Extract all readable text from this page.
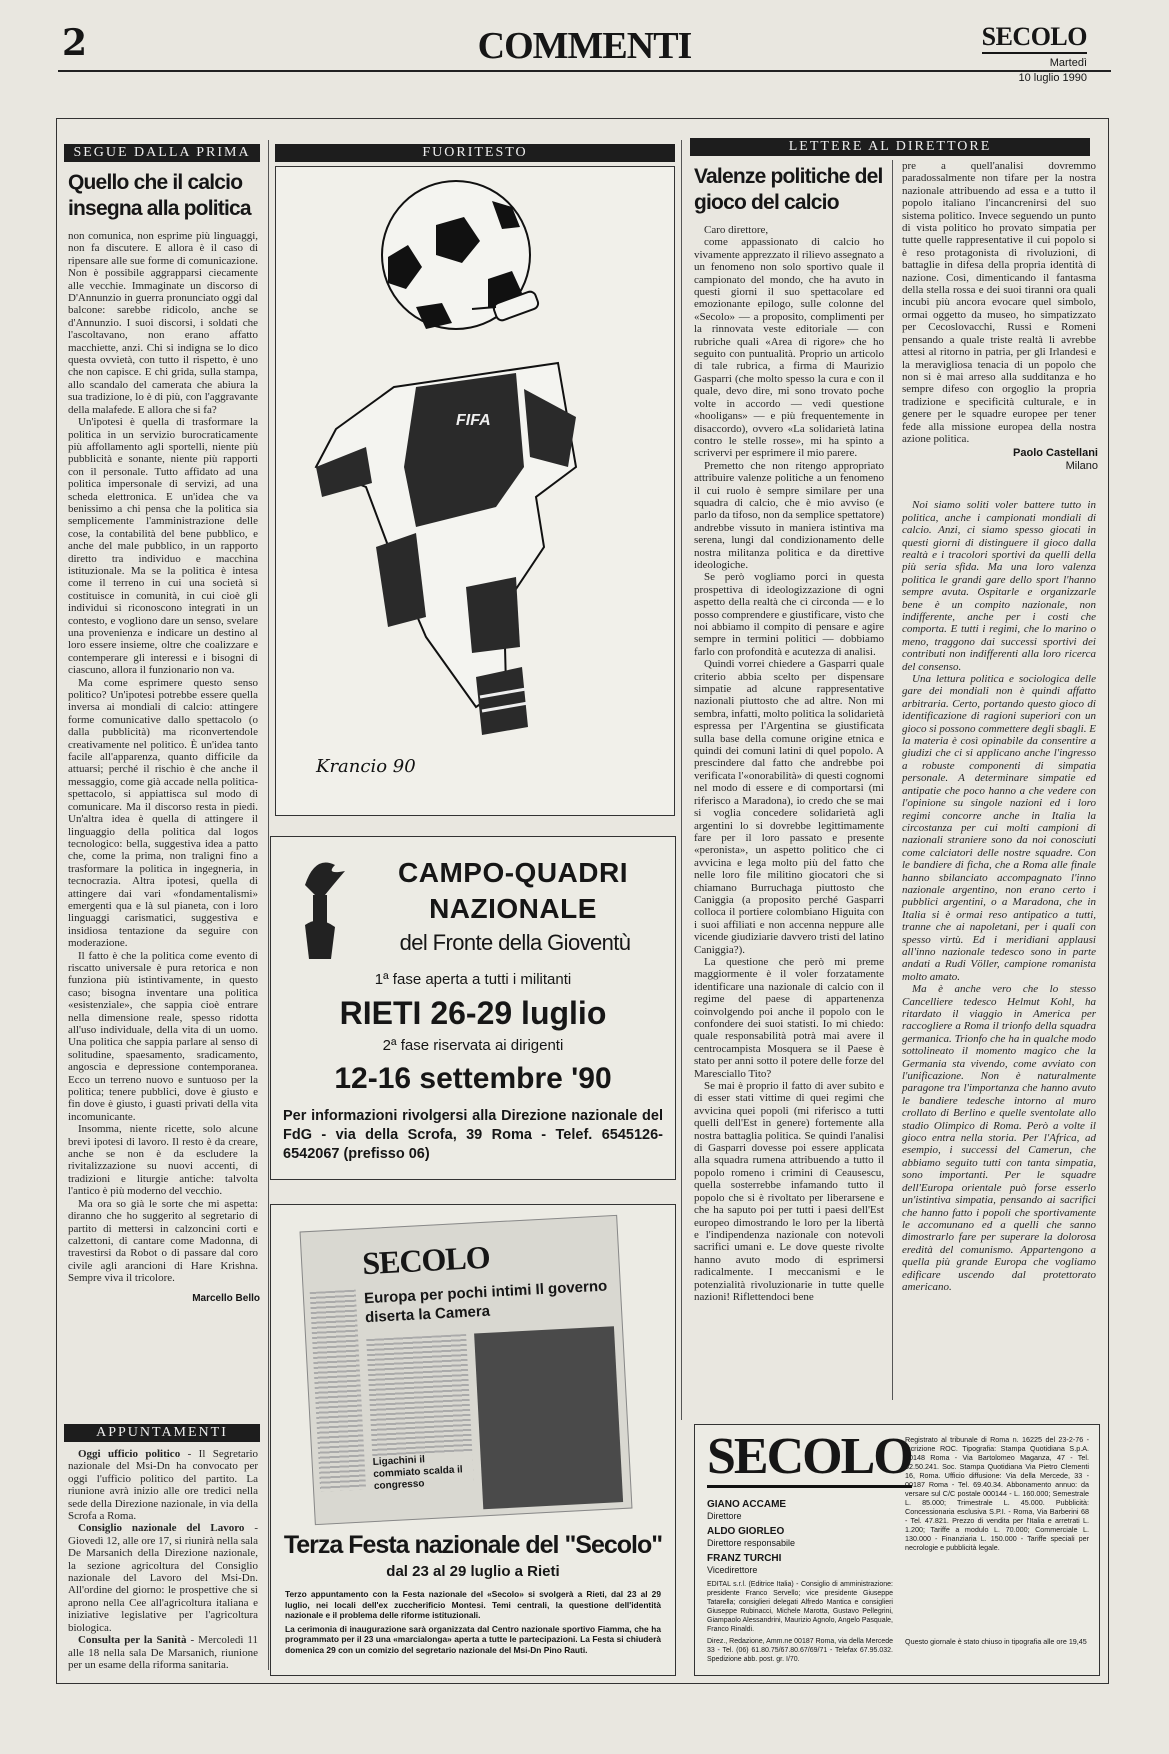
2	COMMENTI	SECOLO
Martedì
10 luglio 1990
SEGUE DALLA PRIMA
Quello che il calcio insegna alla politica

non comunica, non esprime più linguaggi, non fa discutere. E allora è il caso di ripensare alle sue forme di comunicazione. Non è possibile aggrapparsi ciecamente alle vecchie. Immaginate un discorso di D'Annunzio in guerra pronunciato oggi dal balcone: sarebbe ridicolo, anche se d'Annunzio. I suoi discorsi, i soldati che l'ascoltavano, non erano affatto macchiette, anzi. Chi si indigna se lo dico questa ovvietà, con tutto il rispetto, è uno che non capisce. E chi grida, sulla stampa, allo scandalo del camerata che abiura la sua tradizione, lo è di più, con l'aggravante della malafede. E allora che si fa?

Un'ipotesi è quella di trasformare la politica in un servizio burocraticamente più affollamento agli sportelli, niente più pubblicità e sonante, niente più rapporti con il personale. Tutto affidato ad una politica impersonale di servizi, ad una scheda elettronica. E un'idea che va benissimo a chi pensa che la politica sia semplicemente l'amministrazione delle cose, la contabilità del bene pubblico, e anche del male pubblico, in un rapporto diretto tra individuo e macchina istituzionale. Ma se la politica è intesa come il terreno in cui una società si costituisce in comunità, in cui cioè gli individui si riconoscono integrati in un contesto, e vogliono dare un senso, svelare una provenienza e indicare un destino al loro essere insieme, oltre che coalizzare e contemperare gli interessi e i bisogni di ciascuno, allora il funzionario non va.

Ma come esprimere questo senso politico? Un'ipotesi potrebbe essere quella inversa ai mondiali di calcio: attingere forme comunicative dallo spettacolo (o dalla pubblicità) ma riconvertendole creativamente nel politico. È un'idea tanto facile all'apparenza, quanto difficile da attuarsi; perché il rischio è che anche il messaggio, come già accade nella politica-spettacolo, si appiattisca sul modo di comunicare. Ma il discorso resta in piedi. Un'altra idea è quella di attingere il linguaggio della politica dal logos tecnologico: bella, suggestiva idea a patto che, come la prima, non traligni fino a trasformare la politica in ingegneria, in tecnocrazia. Altra ipotesi, quella di attingere dai vari «fondamentalismi» emergenti qua e là sul pianeta, con i loro linguaggi carismatici, suggestiva e insidiosa tentazione da seguire con moderazione.

Il fatto è che la politica come evento di riscatto universale è pura retorica e non funziona più istintivamente, in questo caso; bisogna inventare una politica «esistenziale», che sappia cioè entrare nella dimensione reale, spesso ridotta all'uso individuale, della vita di un uomo. Una politica che sappia parlare al senso di solitudine, spaesamento, sradicamento, angoscia e depressione contemporanea. Ecco un terreno nuovo e suntuoso per la politica; tenere pubblici, dove è giusto e fin dove è giusto, i guasti privati della vita incomunicante.

Insomma, niente ricette, solo alcune brevi ipotesi di lavoro. Il resto è da creare, anche se non è da escludere la rivitalizzazione su nuovi accenti, di tradizioni e liturgie antiche: talvolta l'antico è più moderno del vecchio.

Ma ora so già le sorte che mi aspetta: diranno che ho suggerito al segretario di partito di mettersi in calzoncini corti e calzettoni, di cantare come Madonna, di travestirsi da Robot o di passare dal coro civile agli arancioni di Hare Krishna. Sempre viva il tricolore.

Marcello Bello
APPUNTAMENTI

Oggi ufficio politico - Il Segretario nazionale del Msi-Dn ha convocato per oggi l'ufficio politico del partito. La riunione avrà inizio alle ore tredici nella sede della Direzione nazionale, in via della Scrofa a Roma.

Consiglio nazionale del Lavoro - Giovedì 12, alle ore 17, si riunirà nella sala De Marsanich della Direzione nazionale, la sezione agricoltura del Consiglio nazionale del Lavoro del Msi-Dn. All'ordine del giorno: le prospettive che si aprono nella Cee all'agricoltura italiana e iniziative legislative per l'agricoltura biologica.

Consulta per la Sanità - Mercoledì 11 alle 18 nella sala De Marsanich, riunione per un esame della riforma sanitaria.

FUORITESTO
FIFA
Krancio 90
CAMPO-QUADRI
NAZIONALE
del Fronte della Gioventù
1ª fase aperta a tutti i militanti
RIETI 26-29 luglio
2ª fase riservata ai dirigenti
12-16 settembre '90
Per informazioni rivolgersi alla Direzione nazionale del FdG - via della Scrofa, 39 Roma - Telef. 6545126-6542067 (prefisso 06)
SECOLO
Europa per pochi intimi Il governo diserta la Camera
Ligachini il commiato scalda il congresso
Terza Festa nazionale del "Secolo"
dal 23 al 29 luglio a Rieti
Terzo appuntamento con la Festa nazionale del «Secolo» si svolgerà a Rieti, dal 23 al 29 luglio, nei locali dell'ex zuccherificio Montesi. Temi centrali, la questione dell'identità nazionale e il problema delle riforme istituzionali.
La cerimonia di inaugurazione sarà organizzata dal Centro nazionale sportivo Fiamma, che ha programmato per il 23 una «marcialonga» aperta a tutte le partecipazioni. La Festa si chiuderà domenica 29 con un comizio del segretario nazionale del Msi-Dn Pino Rauti.
LETTERE AL DIRETTORE
Valenze politiche del gioco del calcio

Caro direttore,

come appassionato di calcio ho vivamente apprezzato il rilievo assegnato a un fenomeno non solo sportivo quale il campionato del mondo, che ha avuto in questi giorni il suo spettacolare ed emozionante epilogo, sulle colonne del «Secolo» — a proposito, complimenti per la rinnovata veste editoriale — con rubriche quali «Area di rigore» che ho seguito con puntualità. Proprio un articolo di tale rubrica, a firma di Maurizio Gasparri (che molto spesso la cura e con il quale, devo dire, mi sono trovato poche volte in accordo — vedi questione «hooligans» — e più frequentemente in disaccordo), ovvero «La solidarietà latina contro le stelle rosse», mi ha spinto a scrivervi per esprimere il mio parere.

Premetto che non ritengo appropriato attribuire valenze politiche a un fenomeno il cui ruolo è sempre similare per una squadra di calcio, che è mio avviso (e parlo da tifoso, non da semplice spettatore) andrebbe vissuto in maniera istintiva ma serena, lungi dal condizionamento delle nostra militanza politica e da direttive ideologiche.

Se però vogliamo porci in questa prospettiva di ideologizzazione di ogni aspetto della realtà che ci circonda — e lo posso comprendere e giustificare, visto che noi abbiamo il compito di pensare e agire sempre in termini politici — dobbiamo farlo con profondità e acutezza di analisi.

Quindi vorrei chiedere a Gasparri quale criterio abbia scelto per dispensare simpatie ad alcune rappresentative nazionali piuttosto che ad altre. Non mi sembra, infatti, molto politica la solidarietà espressa per l'Argentina se giustificata sulla base della comune origine etnica e quindi dei comuni latini di quel popolo. A prescindere dal fatto che andrebbe poi verificata l'«onorabilità» di questi cognomi nel modo di essere e di comportarsi (mi riferisco a Maradona), io credo che se mai si voglia concedere solidarietà agli argentini lo si dovrebbe legittimamente fare per il loro passato e presente «peronista», un aspetto politico che ci avvicina e lega molto più del fatto che nelle loro file militino giocatori che si chiamano Burruchaga piuttosto che Caniggia (a proposito perché Gasparri colloca il portiere colombiano Higuita con i suoi affiliati e non accenna neppure alle vicende giudiziarie davvero tristi del latino Caniggia?).

La questione che però mi preme maggiormente è il voler forzatamente identificare una nazionale di calcio con il regime del paese di appartenenza coinvolgendo poi anche il popolo con le confondere dei suoi statisti. Io mi chiedo: quale responsabilità potrà mai avere il centrocampista Mosquera se il Paese è stato per anni sotto il potere delle forze del Maresciallo Tito?

Se mai è proprio il fatto di aver subito e di esser stati vittime di quei regimi che avvicina quei popoli (mi riferisco a tutti quelli dell'Est in genere) fortemente alla nostra battaglia politica. Se quindi l'analisi di Gasparri dovesse poi essere applicata alla squadra rumena attribuendo a tutto il popolo romeno i crimini di Ceausescu, quella sosterrebbe infamando tutto il popolo che si è rivoltato per liberarsene e che ha saputo poi per tutti i paesi dell'Est europeo dimostrando le loro per la libertà e l'indipendenza nazionale con notevoli sacrifici umani e. Le dove queste rivolte hanno avuto modo di esprimersi radicalmente. I meccanismi e le potenzialità rivoluzionarie in tutte quelle nazioni! Riflettendoci bene

pre a quell'analisi dovremmo paradossalmente non tifare per la nostra nazionale attribuendo ad essa e a tutto il popolo italiano l'incancrenirsi del suo sistema politico. Invece seguendo un punto di vista politico ho provato simpatia per tutte quelle rappresentative il cui popolo si è reso protagonista di rivoluzioni, di battaglie in difesa della propria identità di nazione. Così, dimenticando il fantasma della stella rossa e dei suoi tiranni ora quali incubi più ancora evocare quel simbolo, ormai oggetto da museo, ho simpatizzato per Cecoslovacchi, Russi e Romeni pensando a quale triste realtà li avrebbe attesi al ritorno in patria, per gli Irlandesi e la meravigliosa tenacia di un popolo che non si è mai arreso alla sudditanza e ho sempre difeso con orgoglio la propria tradizione e specificità culturale, e in genere per le squadre europee per tener fede alla missione europea della nostra azione politica.

Paolo Castellani
Milano

Noi siamo soliti voler battere tutto in politica, anche i campionati mondiali di calcio. Anzi, ci siamo spesso giocati in questi giorni di distinguere il gioco dalla realtà e i tracolori sportivi da quelli della più seria sfida. Ma una loro valenza politica le grandi gare dello sport l'hanno sempre avuta. Ospitarle e organizzarle bene è un compito nazionale, non indifferente, anche per i costi che comporta. E tutti i regimi, che lo marino o meno, traggono dai successi sportivi dei contributi non indifferenti alla loro ricerca del consenso.

Una lettura politica e sociologica delle gare dei mondiali non è quindi affatto arbitraria. Certo, portando questo gioco di identificazione di ragioni superiori con un gioco si possono commettere degli sbagli. E la materia è così opinabile da consentire a giudizi che ci si applicano anche l'ingresso a robuste componenti di simpatia personale. A determinare simpatie ed antipatie che poco hanno a che vedere con l'opinione su singole nazioni ed i loro regimi concorre anche in Italia la circostanza per cui molti campioni di nazionali straniere sono da noi conosciuti come calciatori delle nostre squadre. Con le bandiere di ficha, che a Roma alle finale hanno sbilanciato accompagnato l'inno nazionale argentino, non erano certo i pubblici argentini, o a Maradona, che in Italia si è ormai reso antipatico a tutti, tranne che ai napoletani, per i quali con spesso virtù. Ed i meridiani applausi all'inno nazionale tedesco sono in parte andati a Rudi Völler, campione romanista molto amato.

Ma è anche vero che lo stesso Cancelliere tedesco Helmut Kohl, ha ritardato il viaggio in America per raccogliere a Roma il trionfo della squadra germanica. Trionfo che ha in qualche modo sottolineato il momento magico che la Germania sta vivendo, come avviato con l'unificazione. Non è naturalmente paragone tra l'importanza che hanno avuto le bandiere tedesche intorno al muro crollato di Berlino e quelle sventolate allo stadio Olimpico di Roma. Però a volte il gioco entra nella storia. Per l'Africa, ad esempio, i successi del Camerun, che abbiamo seguito tutti con tanta simpatia, sono importanti. Per le squadre dell'Europa orientale può forse esserlo un'istintiva simpatia, pensando ai sacrifici che hanno fatto i popoli che sportivamente le accomunano ed a quelli che sanno dimostrarlo fare per superare la dolorosa eredità del comunismo. Appartengono a quella più grande Europa che vogliamo edificare uscendo dal protettorato americano.

SECOLO
GIANO ACCAME
Direttore
ALDO GIORLEO
Direttore responsabile
FRANZ TURCHI
Vicedirettore
EDITAL s.r.l. (Editrice Italia) - Consiglio di amministrazione: presidente Franco Servello; vice presidente Giuseppe Tatarella; consiglieri delegati Alfredo Mantica e consiglieri Giuseppe Rubinacci, Michele Marotta, Gustavo Pellegrini, Giampaolo Alessandrini, Maurizio Agnolo, Angelo Pasquale, Franco Rinaldi.
Direz., Redazione, Amm.ne 00187 Roma, via della Mercede 33 - Tel. (06) 61.80.75/67.80.67/69/71 - Telefax 67.95.032. Spedizione abb. post. gr. I/70.
Registrato al tribunale di Roma n. 16225 del 23-2-76 - Iscrizione ROC. Tipografia: Stampa Quotidiana S.p.A. 00148 Roma - Via Bartolomeo Maganza, 47 - Tel. 52.50.241. Soc. Stampa Quotidiana Via Pietro Clementi 16, Roma. Ufficio diffusione: Via della Mercede, 33 - 00187 Roma - Tel. 69.40.34. Abbonamento annuo: da versare sul C/C postale 000144 - L. 160.000; Semestrale L. 85.000; Trimestrale L. 45.000. Pubblicità: Concessionaria esclusiva S.P.I. - Roma, Via Barberini 68 - Tel. 47.821. Prezzo di vendita per l'Italia e arretrati L. 1.200; Tariffe a modulo L. 70.000; Commerciale L. 130.000 - Finanziaria L. 150.000 - Tariffe speciali per necrologie e pubblicità legale.
Questo giornale è stato chiuso in tipografia alle ore 19,45
